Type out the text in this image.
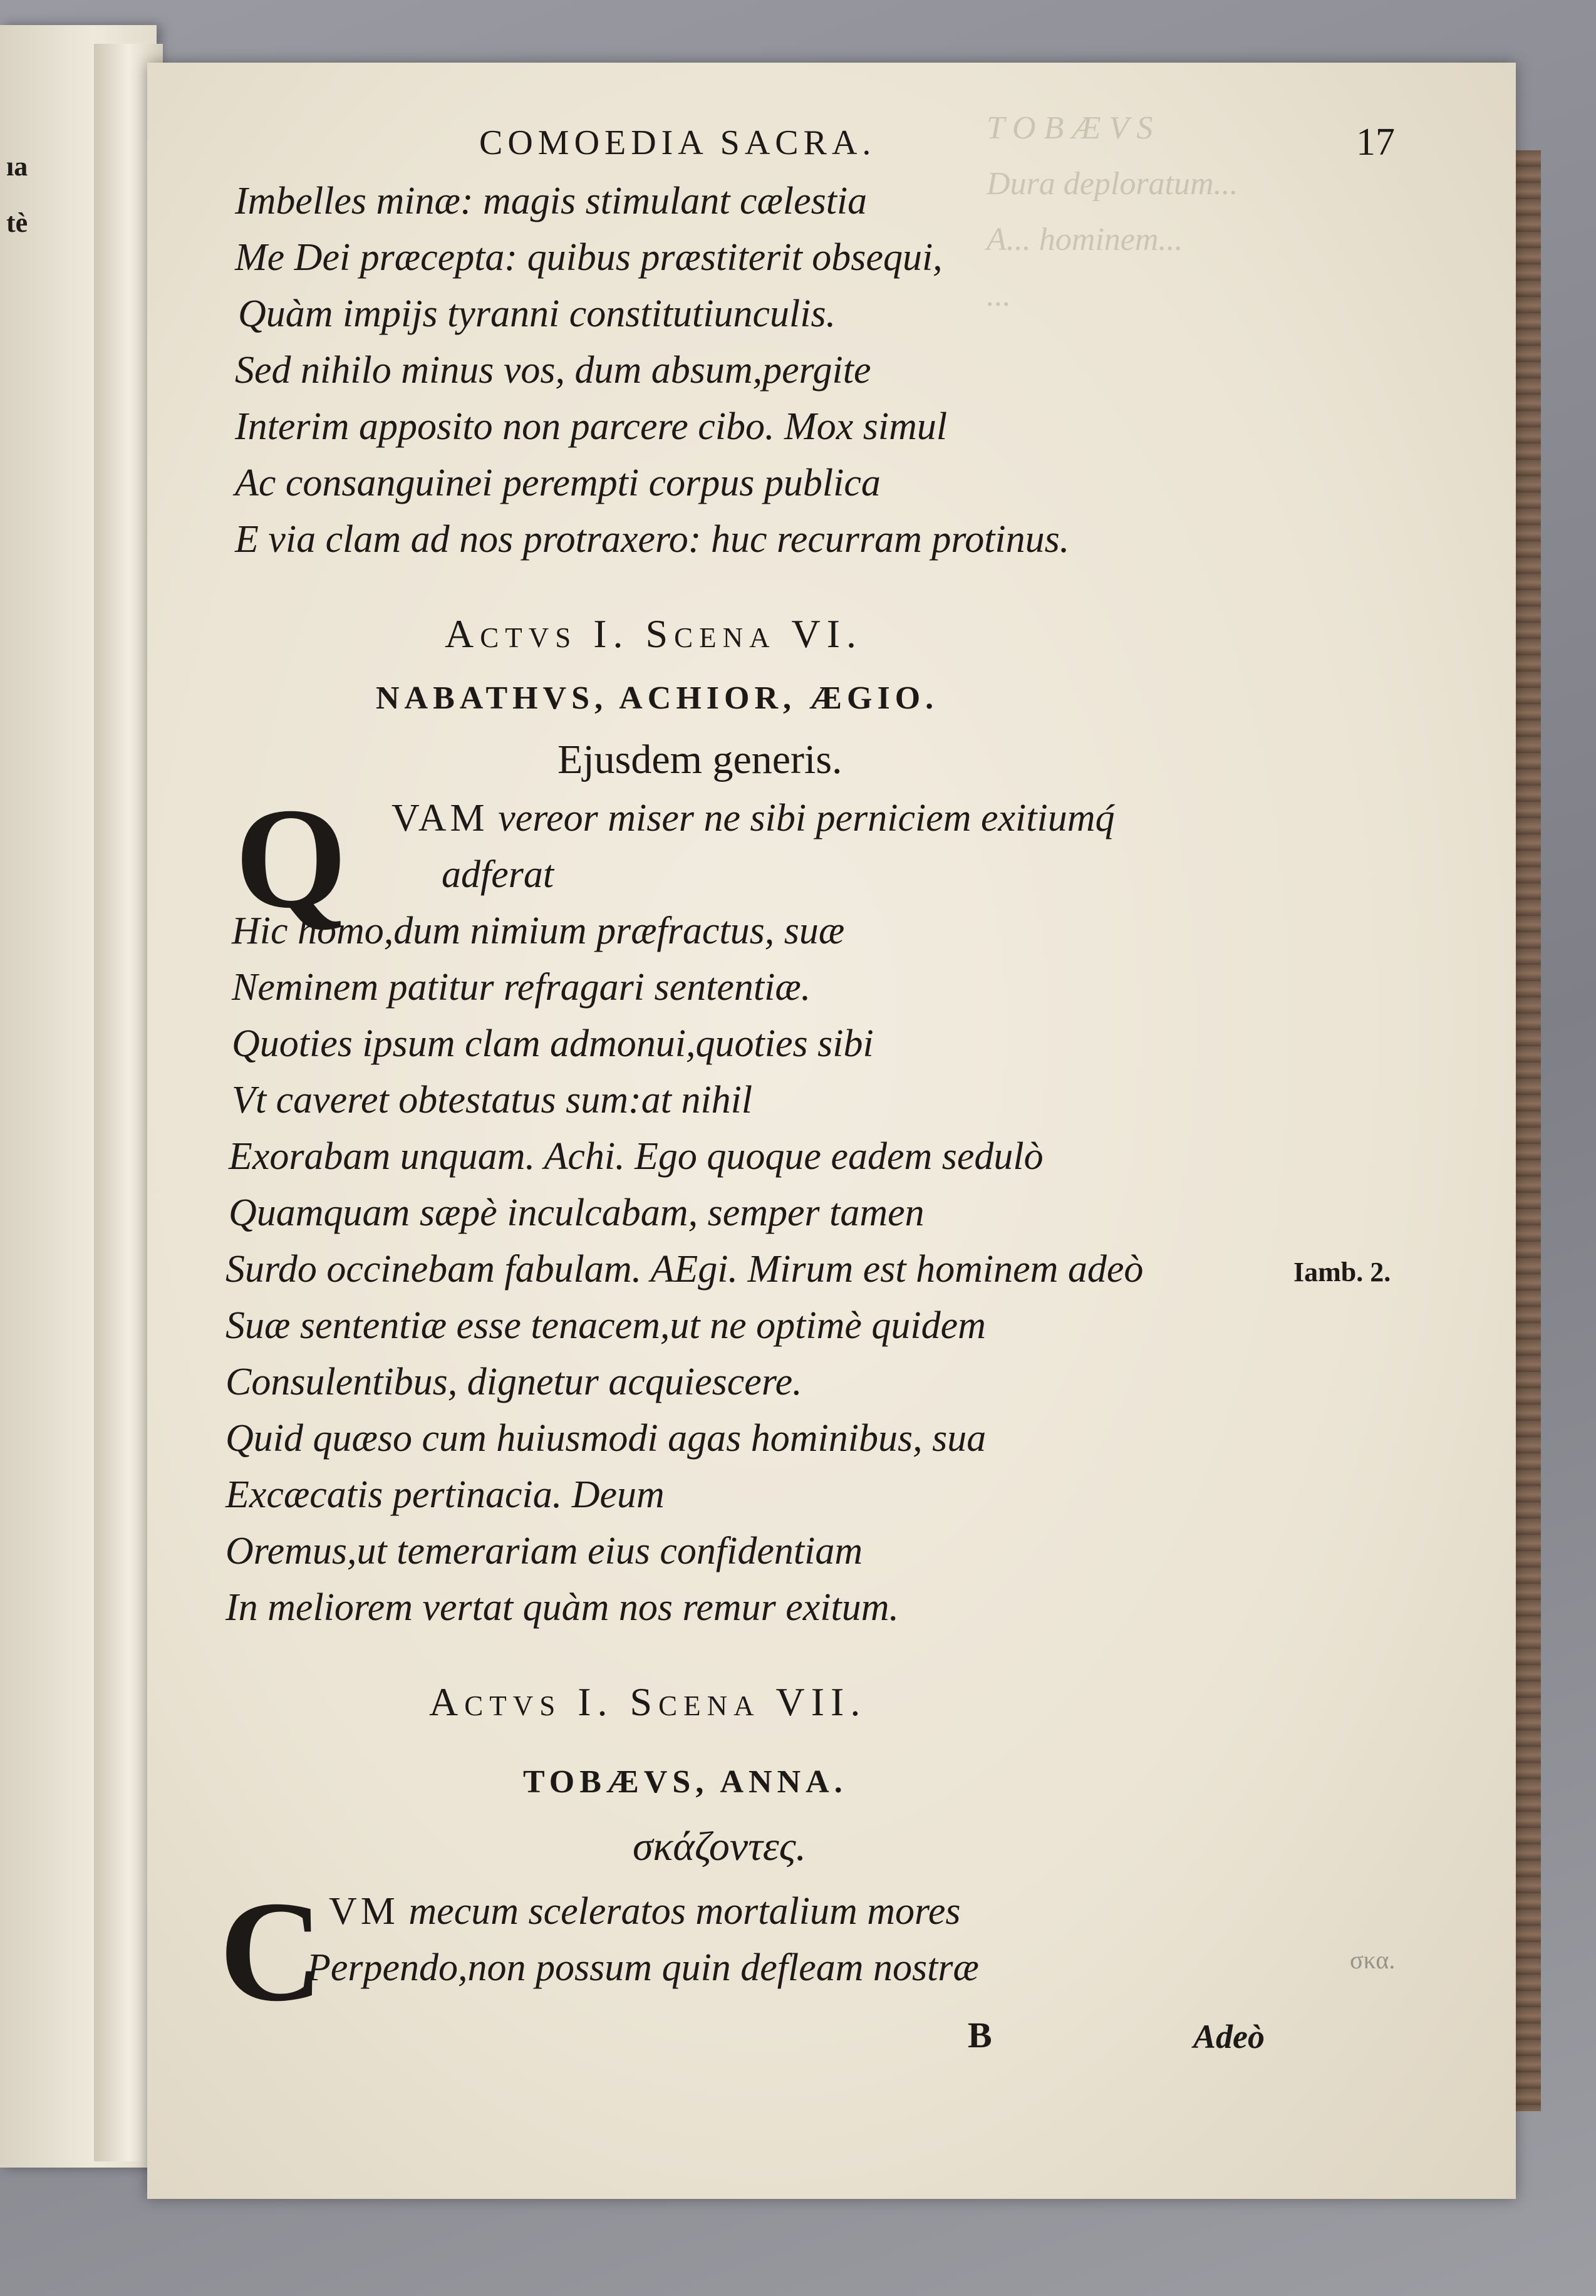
ıa
tè
T O B Æ V S
Dura deploratum...
A... hominem...
...

COMOEDIA SACRA.	17
Imbelles minæ: magis stimulant cælestia
Me Dei præcepta: quibus præstiterit obsequi,
Quàm impijs tyranni constitutiunculis.
Sed nihilo minus vos, dum absum,pergite
Interim apposito non parcere cibo. Mox simul
Ac consanguinei perempti corpus publica
E via clam ad nos protraxero: huc recurram protinus.
Actvs I. Scena VI.
NABATHVS, ACHIOR, ÆGIO.
Ejusdem generis.
Q VAM vereor miser ne sibi perniciem exitiumq́
adferat
Hic homo,dum nimium præfractus, suæ
Neminem patitur refragari sententiæ.
Quoties ipsum clam admonui,quoties sibi
Vt caveret obtestatus sum:at nihil
Exorabam unquam. Achi. Ego quoque eadem sedulò
Quamquam sæpè inculcabam, semper tamen
Surdo occinebam fabulam. AEgi. Mirum est hominem adeò	Iamb. 2.
Suæ sententiæ esse tenacem,ut ne optimè quidem
Consulentibus, dignetur acquiescere.
Quid quæso cum huiusmodi agas hominibus, sua
Excæcatis pertinacia. Deum
Oremus,ut temerariam eius confidentiam
In meliorem vertat quàm nos remur exitum.
Actvs I. Scena VII.
TOBÆVS, ANNA.
σκάζοντες.
C VM mecum sceleratos mortalium mores
Perpendo,non possum quin defleam nostræ	σκα.
B	Adeò
